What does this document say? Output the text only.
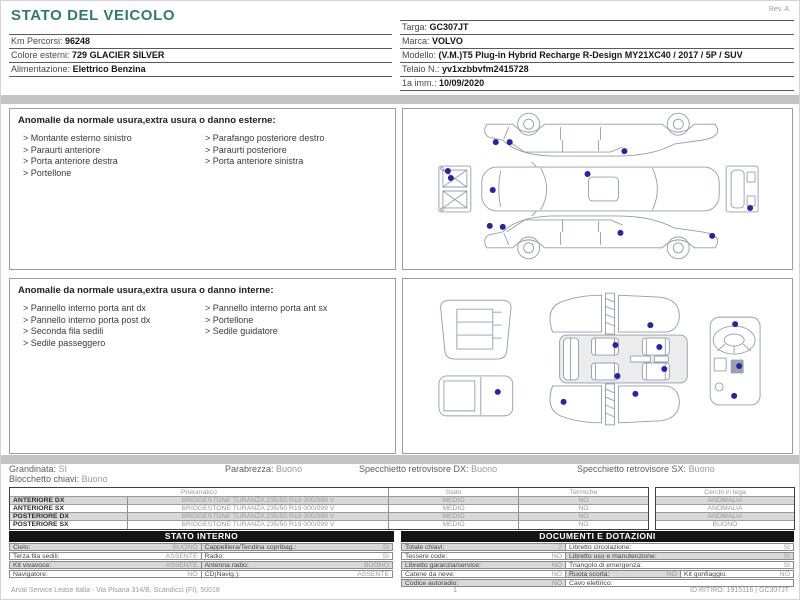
STATO DEL VEICOLO	Rev. A
Km Percorsi: 96248
Colore esterni: 729 GLACIER SILVER
Alimentazione: Elettrico Benzina
Targa: GC307JT
Marca: VOLVO
Modello: (V.M.)T5 Plug-in Hybrid Recharge R-Design MY21XC40 / 2017 / 5P / SUV
Telaio N.: yv1xzbbvfm2415728
1a imm.: 10/09/2020
Anomalie da normale usura,extra usura o danno esterne:
> Montante esterno sinistro
> Paraurti anteriore
> Porta anteriore destra
> Portellone
> Parafango posteriore destro
> Paraurti posteriore
> Porta anteriore sinistra
Anomalie da normale usura,extra usura o danno interne:
> Pannello interno porta ant dx
> Pannello interno porta post dx
> Seconda fila sedili
> Sedile passeggero
> Pannello interno porta ant sx
> Portellone
> Sedile guidatore
Grandinata: SI	Parabrezza: Buono	Specchietto retrovisore DX: Buono	Specchietto retrovisore SX: Buono
Blocchetto chiavi: Buono
Pneumatico	Stato	Termiche
ANTERIORE DX	BRIDGESTONE TURANZA 235/50 R19 000/099 V	MEDIO	NO
ANTERIORE SX	BRIDGESTONE TURANZA 235/50 R19 000/099 V	MEDIO	NO
POSTERIORE DX	BRIDGESTONE TURANZA 235/50 R19 000/099 V	MEDIO	NO
POSTERIORE SX	BRIDGESTONE TURANZA 235/50 R19 000/099 V	MEDIO	NO
Cerchi in lega
ANOMALIA
ANOMALIA
ANOMALIA
BUONO
STATO INTERNO
Cielo:	BUONO Cappelliera/Tendina copribag.:	SI
Terza fila sedili:	ASSENTE Radio:	SI
Kit vivavoce:	ASSENTE Antenna radio:	BUONO
Navigatore:	NO CD(Navig.):	ASSENTE
DOCUMENTI E DOTAZIONI
Totale chiavi:	2 Libretto circolazione:	SI
Tessere code:	NO Libretto uso e manutenzione:	SI
Libretto garanzia/service:	NO Triangolo di emergenza:	SI
Catene da neve:	NO Ruota scorta:	NO Kit gonfiaggio:	NO
Codice autoradio:	NO Cavo elettrico:
Arval Service Lease Italia - Via Pisana 314/B, Scandicci (FI), 50018	1	ID RITIRO: 1915116 | GC307JT
